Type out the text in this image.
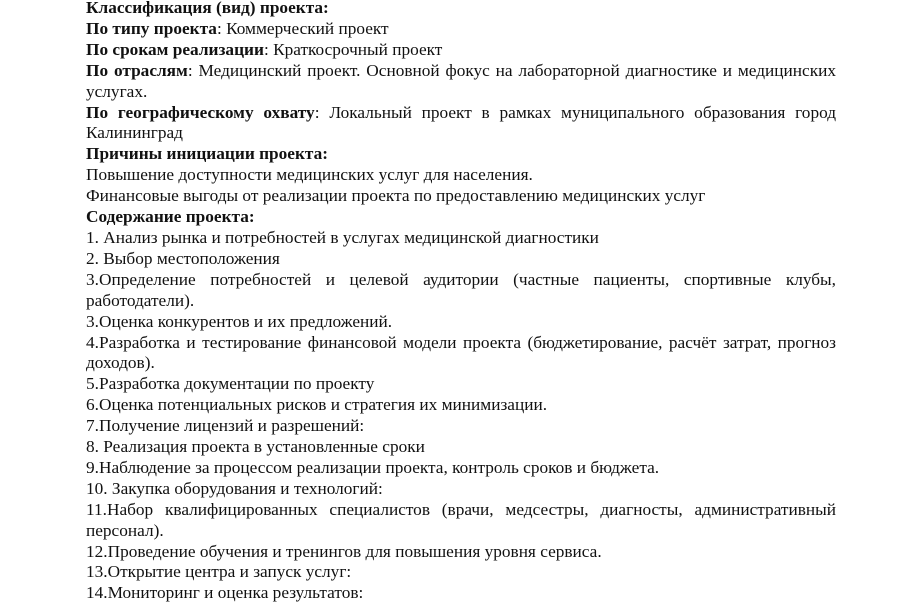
Классификация (вид) проекта:

По типу проекта: Коммерческий проект

По срокам реализации: Краткосрочный проект

По отраслям: Медицинский проект. Основной фокус на лабораторной диагностике и медицинских услугах.

По географическому охвату: Локальный проект в рамках муниципального образования город Калининград

Причины инициации проекта:

Повышение доступности медицинских услуг для населения.

Финансовые выгоды от реализации проекта по предоставлению медицинских услуг

Содержание проекта:

1. Анализ рынка и потребностей в услугах медицинской диагностики

2. Выбор местоположения

3.Определение потребностей и целевой аудитории (частные пациенты, спортивные клубы, работодатели).

3.Оценка конкурентов и их предложений.

4.Разработка и тестирование финансовой модели проекта (бюджетирование, расчёт затрат, прогноз доходов).

5.Разработка документации по проекту

6.Оценка потенциальных рисков и стратегия их минимизации.

7.Получение лицензий и разрешений:

8. Реализация проекта в установленные сроки

9.Наблюдение за процессом реализации проекта, контроль сроков и бюджета.

10. Закупка оборудования и технологий:

11.Набор квалифицированных специалистов (врачи, медсестры, диагносты, административный персонал).

12.Проведение обучения и тренингов для повышения уровня сервиса.

13.Открытие центра и запуск услуг:

14.Мониторинг и оценка результатов:
